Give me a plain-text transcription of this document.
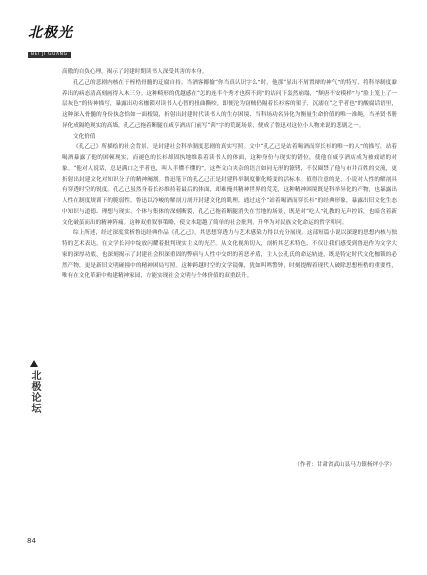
北极光
BEI JI GUANG
北极论坛

高傲的自负心理，揭示了封建时期读书人深受其害的本身。

孔乙己的悲剧内核在于桎梏骨髓的迂腐自持。当酒客揶揄“你当真认识字么”时，他那“显出不屑置辩的神气”的特写，将科举制度豢养出的病态清高刻画得入木三分。这种畸形的优越感在“怎的连半个秀才也捞不到”的诘问下轰然崩塌，“颓唐不安模样”与“脸上笼上了一层灰色”的传神描写，暴露出功名枷锁对读书人心智的扭曲撕咬。即便沦为窃贼仍隔着长衫客的架子，沉溺在“之乎者也”的酸腐话语里，这种深入骨髓的身份执念恰如一面棱镜，折射出封建时代读书人的生存困境、当科场功名异化为衡量生命价值的唯一准绳，当圣贤书册异化成隔绝现实的高墙，孔乙己拖着断腿在咸亨酒店门前写“茴”字的荒诞场景，便成了鲁迅对这位小人物来说的悲剧之一。

文化价值

《孔乙己》所描绘的社会背景，是封建社会科举制度悲剧的真实写照。文中“孔乙己是站着喝酒而穿长衫的唯一的人”的描写，站着喝酒暴露了他的困顿现实，而褪色的长衫却固执地维系着读书人的体面，这种身份与现实的错位，使他在咸亨酒店成为被戏谑的对象。“他对人说话，总是满口之乎者也，叫人半懂不懂的”，这些文白夹杂的语言如同无形的镣铐，不仅圈禁了他与市井百姓的交流，更折射出封建文化对知识分子的精神阉割。鲁迅笔下的孔乙己正是封建科举制度催化畸变的活标本。值得注意的是，小说对人性的解剖具有穿透时空的锐度。孔乙己虽然身着长衫维持着最后的体面，却难掩其精神世界的荒芜，这种精神困境既是科举异化的产物，也暴露出人性在制度规训下的脆弱性。鲁迅以冷峻的解剖刀剖开封建文化的肌理，通过这个“站着喝酒而穿长衫”的经典形象，暴露出旧文化生态中知识与道德、理想与现实、个体与集体的深刻断裂，孔乙己拖着断腿消失在雪地的场景，既是对“吃人”礼教的无声控诉，也暗含着新文化破茧而出的精神阵痛。这种双重叙事策略，使文本超越了简单的社会批判，升华为对民族文化命运的哲学叩问。

综上所述，经过深度赏析鲁迅经典作品《孔乙己》，其思想穿透力与艺术感染力得以充分展现。这部短篇小说以深邃的思想内核与独特的艺术表达，在文学长河中绽放闪耀着批判现实主义的光芒。从文化视角切入，剖析其艺术特色，不仅让我们感受到鲁迅作为文学大家的深厚功底，也深刻揭示了封建社会积深重固的弊病与人性中交织的善恶矛盾，主人公孔氏的命运轨迹，既是特定时代文化枷锁的必然产物，更是新旧文明碰撞中的精神困局写照。这种跨越时空的文学镜像，犹如叫鸣警钟，时刻提醒着现代人破除思想桎梏的重要性，唯有在文化革新中构建精神家园，方能实现社会文明与个体价值的双重跃升。

（作者：甘肃省武山县马力镇杨坪小学）
84
